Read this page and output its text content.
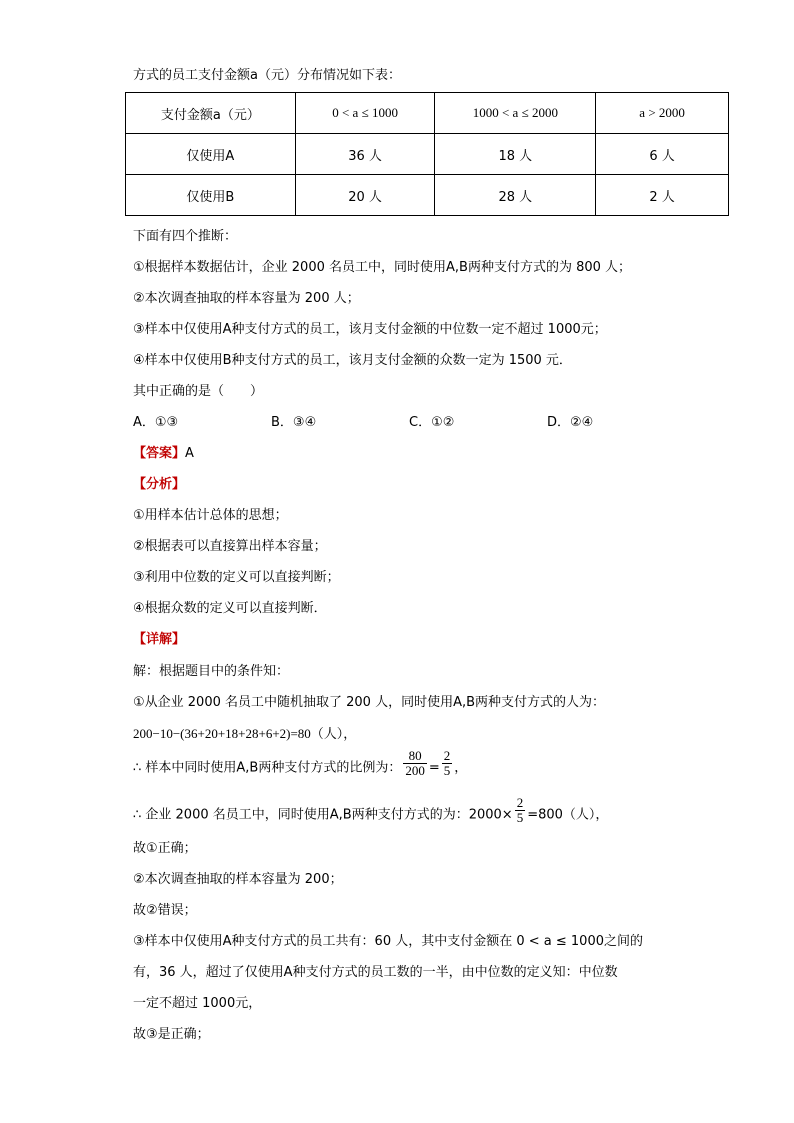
方式的员工支付金额a（元）分布情况如下表：
支付金额a（元）	0 < a ≤ 1000	1000 < a ≤ 2000	a > 2000
仅使用A	36 人	18 人	6 人
仅使用B	20 人	28 人	2 人
下面有四个推断：
①根据样本数据估计，企业 2000 名员工中，同时使用A,B两种支付方式的为 800 人；
②本次调查抽取的样本容量为 200 人；
③样本中仅使用A种支付方式的员工，该月支付金额的中位数一定不超过 1000元；
④样本中仅使用B种支付方式的员工，该月支付金额的众数一定为 1500 元．
其中正确的是（　　）
A．①③	B．③④	C．①②	D．②④
【答案】A
【分析】
①用样本估计总体的思想；
②根据表可以直接算出样本容量；
③利用中位数的定义可以直接判断；
④根据众数的定义可以直接判断．
【详解】
解：根据题目中的条件知：
①从企业 2000 名员工中随机抽取了 200 人，同时使用A,B两种支付方式的人为：
200−10−(36+20+18+28+6+2)=80（人），
∴ 样本中同时使用A,B两种支付方式的比例为： $\frac{80}{200} = \frac{2}{5}$ ，
∴ 企业 2000 名员工中，同时使用A,B两种支付方式的为：$2000\times \frac{2}{5} =800$（人），
故①正确；
②本次调查抽取的样本容量为 200；
故②错误；
③样本中仅使用A种支付方式的员工共有：60 人，其中支付金额在 0 < a ≤ 1000之间的
有，36 人，超过了仅使用A种支付方式的员工数的一半，由中位数的定义知：中位数
一定不超过 1000元，
故③是正确；
